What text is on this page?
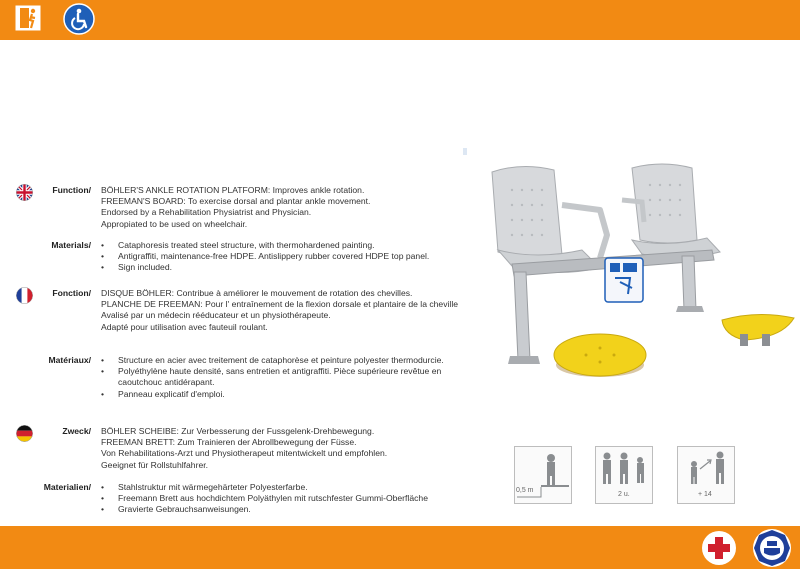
Function/ BÖHLER'S ANKLE ROTATION PLATFORM: Improves ankle rotation.
FREEMAN'S BOARD: To exercise dorsal and plantar ankle movement.
Endorsed by a Rehabilitation Physiatrist and Physician.
Appropiated to be used on wheelchair.
Materials/	• Cataphoresis treated steel structure, with thermohardened painting.
• Antigraffiti, maintenance-free HDPE. Antislippery rubber covered HDPE top panel.
• Sign included.
Fonction/ DISQUE BÖHLER: Contribue à améliorer le mouvement de rotation des chevilles.
PLANCHE DE FREEMAN: Pour l' entraînement de la flexion dorsale et plantaire de la cheville
Avalisé par un médecin rééducateur et un physiothérapeute.
Adapté pour utilisation avec fauteuil roulant.
Matériaux/	• Structure en acier avec treitement de cataphorèse et peinture polyester thermodurcie.
• Polyéthylène haute densité, sans entretien et antigraffiti. Pièce supérieure revêtue en caoutchouc antidérapant.
• Panneau explicatif d'emploi.
Zweck/ BÖHLER SCHEIBE: Zur Verbesserung der Fussgelenk-Drehbewegung.
FREEMAN BRETT: Zum Trainieren der Abrollbewegung der Füsse.
Von Rehabilitations-Arzt und Physiotherapeut mitentwickelt und empfohlen.
Geeignet für Rollstuhlfahrer.
Materialien/	• Stahlstruktur mit wärmegehärteter Polyesterfarbe.
• Freemann Brett aus hochdichtem Polyäthylen mit rutschfester Gummi-Oberfläche
• Gravierte Gebrauchsanweisungen.
0,5 m
2 u.	+ 14
